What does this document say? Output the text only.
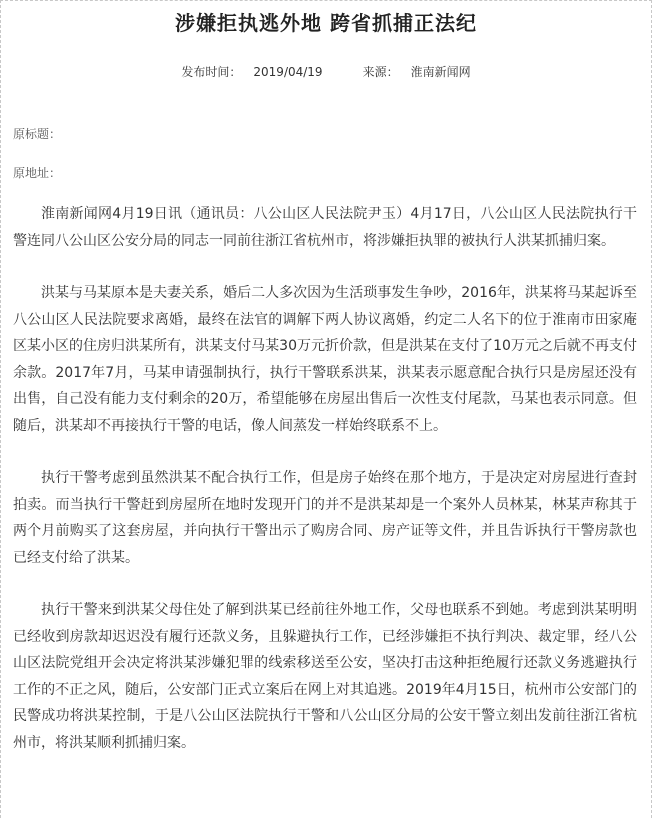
涉嫌拒执逃外地 跨省抓捕正法纪
发布时间： 2019/04/19	来源： 淮南新闻网
原标题：
原地址：

淮南新闻网4月19日讯（通讯员：八公山区人民法院尹玉）4月17日，八公山区人民法院执行干警连同八公山区公安分局的同志一同前往浙江省杭州市，将涉嫌拒执罪的被执行人洪某抓捕归案。

洪某与马某原本是夫妻关系，婚后二人多次因为生活琐事发生争吵，2016年，洪某将马某起诉至八公山区人民法院要求离婚，最终在法官的调解下两人协议离婚，约定二人名下的位于淮南市田家庵区某小区的住房归洪某所有，洪某支付马某30万元折价款，但是洪某在支付了10万元之后就不再支付余款。2017年7月，马某申请强制执行，执行干警联系洪某，洪某表示愿意配合执行只是房屋还没有出售，自己没有能力支付剩余的20万，希望能够在房屋出售后一次性支付尾款，马某也表示同意。但随后，洪某却不再接执行干警的电话，像人间蒸发一样始终联系不上。

执行干警考虑到虽然洪某不配合执行工作，但是房子始终在那个地方，于是决定对房屋进行查封拍卖。而当执行干警赶到房屋所在地时发现开门的并不是洪某却是一个案外人员林某，林某声称其于两个月前购买了这套房屋，并向执行干警出示了购房合同、房产证等文件，并且告诉执行干警房款也已经支付给了洪某。

执行干警来到洪某父母住处了解到洪某已经前往外地工作，父母也联系不到她。考虑到洪某明明已经收到房款却迟迟没有履行还款义务，且躲避执行工作，已经涉嫌拒不执行判决、裁定罪，经八公山区法院党组开会决定将洪某涉嫌犯罪的线索移送至公安，坚决打击这种拒绝履行还款义务逃避执行工作的不正之风，随后，公安部门正式立案后在网上对其追逃。2019年4月15日，杭州市公安部门的民警成功将洪某控制，于是八公山区法院执行干警和八公山区分局的公安干警立刻出发前往浙江省杭州市，将洪某顺利抓捕归案。
